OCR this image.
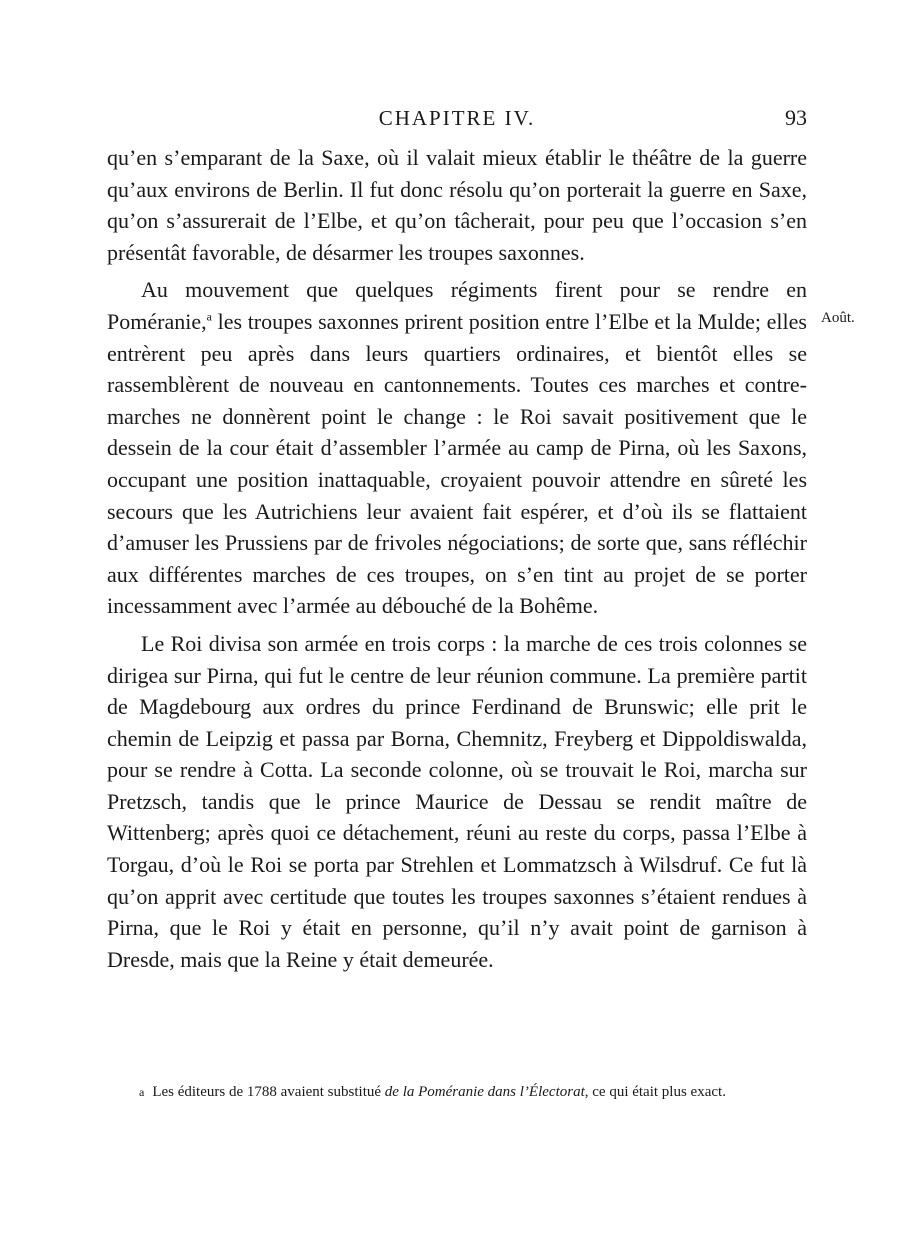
CHAPITRE IV.	93
Août.

qu’en s’emparant de la Saxe, où il valait mieux établir le théâtre de la guerre qu’aux environs de Berlin. Il fut donc résolu qu’on porterait la guerre en Saxe, qu’on s’assurerait de l’Elbe, et qu’on tâcherait, pour peu que l’occasion s’en présentât favorable, de désarmer les troupes saxonnes.

Au mouvement que quelques régiments firent pour se rendre en Poméranie,$^a$ les troupes saxonnes prirent position entre l’Elbe et la Mulde; elles entrèrent peu après dans leurs quartiers ordinaires, et bientôt elles se rassemblèrent de nouveau en cantonnements. Toutes ces marches et contre-marches ne donnèrent point le change : le Roi savait positivement que le dessein de la cour était d’assembler l’armée au camp de Pirna, où les Saxons, occupant une position inattaquable, croyaient pouvoir attendre en sûreté les secours que les Autrichiens leur avaient fait espérer, et d’où ils se flattaient d’amuser les Prussiens par de frivoles négociations; de sorte que, sans réfléchir aux différentes marches de ces troupes, on s’en tint au projet de se porter incessamment avec l’armée au débouché de la Bohême.

Le Roi divisa son armée en trois corps : la marche de ces trois colonnes se dirigea sur Pirna, qui fut le centre de leur réunion commune. La première partit de Magdebourg aux ordres du prince Ferdinand de Brunswic; elle prit le chemin de Leipzig et passa par Borna, Chemnitz, Freyberg et Dippoldiswalda, pour se rendre à Cotta. La seconde colonne, où se trouvait le Roi, marcha sur Pretzsch, tandis que le prince Maurice de Dessau se rendit maître de Wittenberg; après quoi ce détachement, réuni au reste du corps, passa l’Elbe à Torgau, d’où le Roi se porta par Strehlen et Lommatzsch à Wilsdruf. Ce fut là qu’on apprit avec certitude que toutes les troupes saxonnes s’étaient rendues à Pirna, que le Roi y était en personne, qu’il n’y avait point de garnison à Dresde, mais que la Reine y était demeurée.

a Les éditeurs de 1788 avaient substitué de la Poméranie dans l’Électorat, ce qui était plus exact.
